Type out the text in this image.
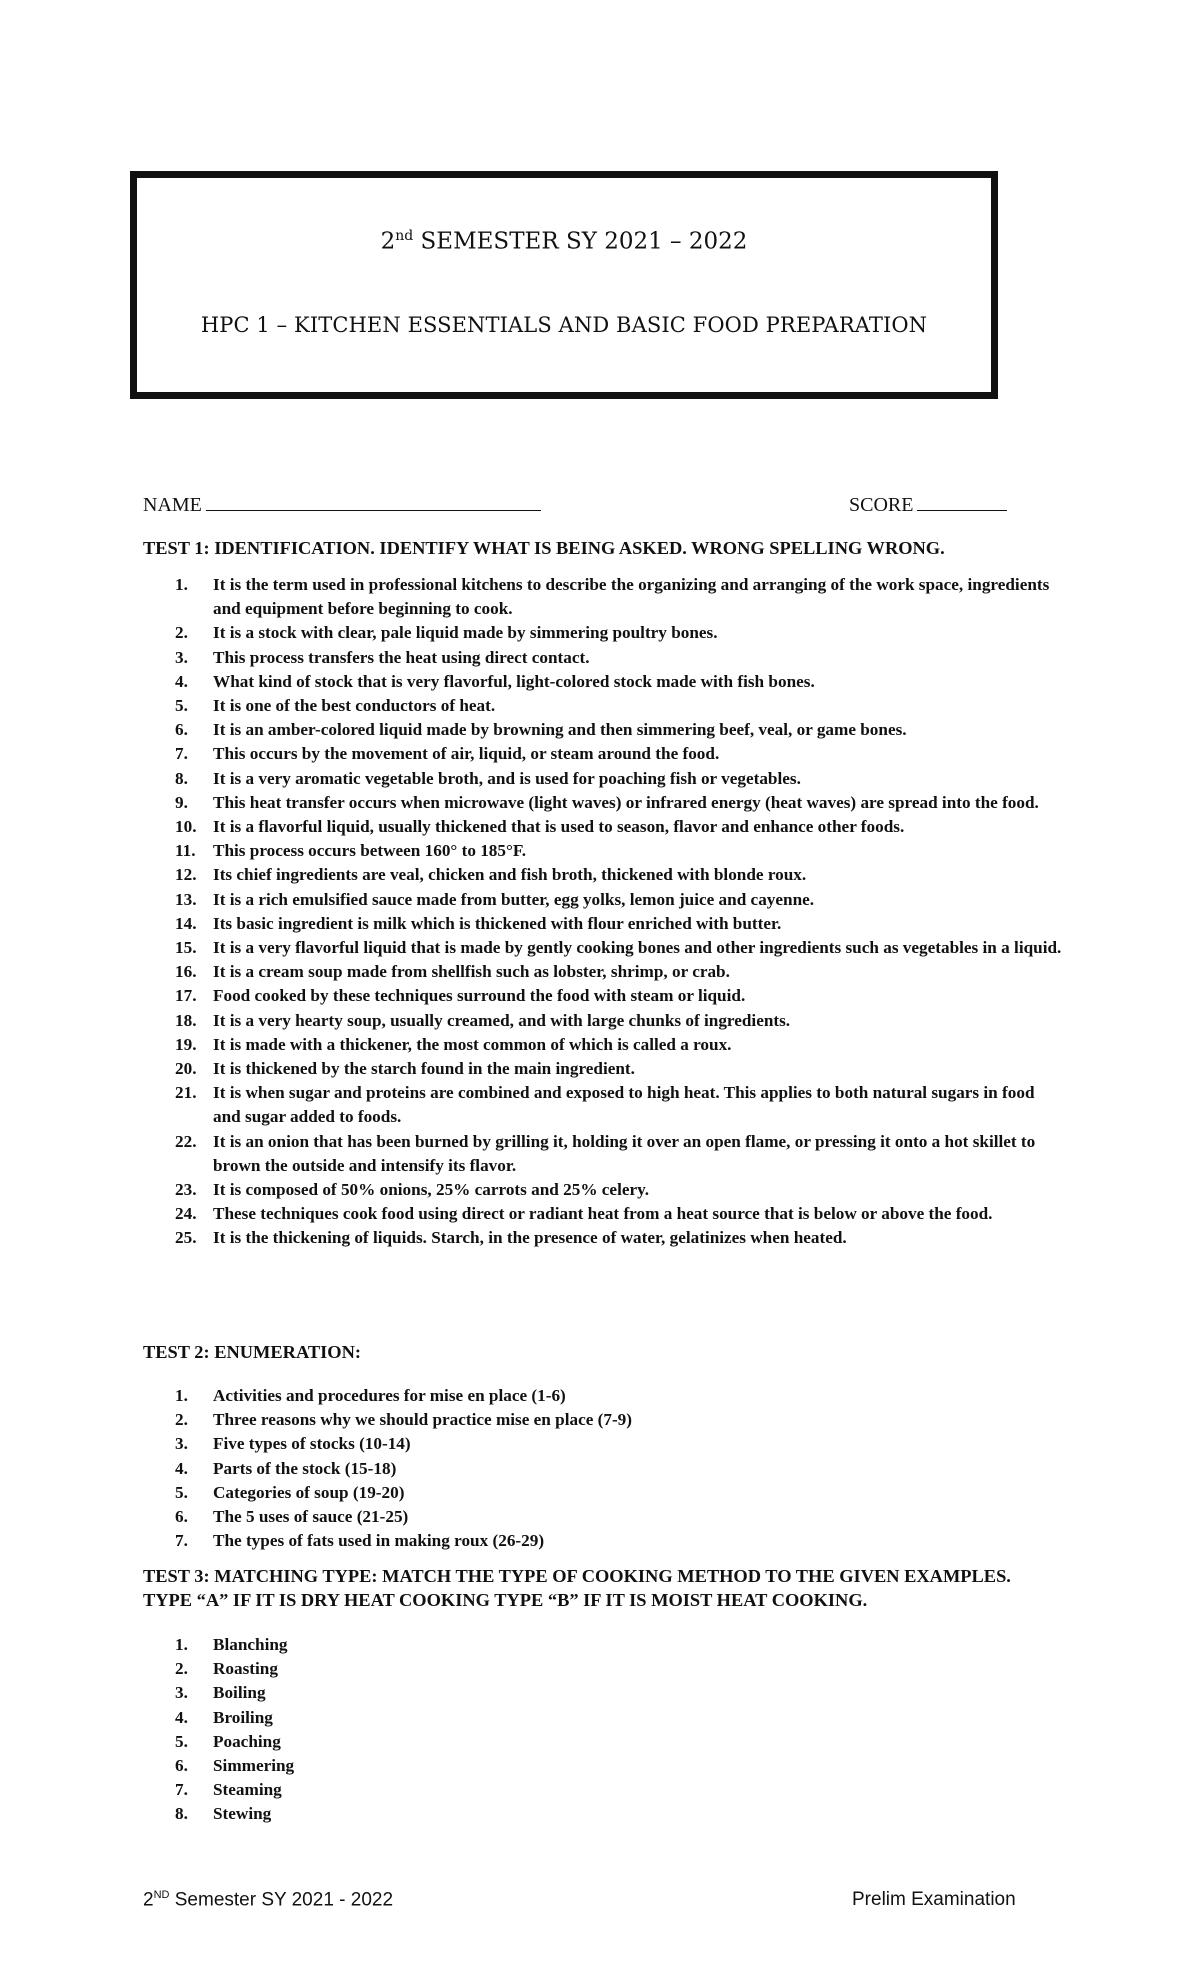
2nd SEMESTER SY 2021 – 2022
HPC 1 – KITCHEN ESSENTIALS AND BASIC FOOD PREPARATION
NAME	SCORE
TEST 1: IDENTIFICATION. IDENTIFY WHAT IS BEING ASKED. WRONG SPELLING WRONG.
1.	It is the term used in professional kitchens to describe the organizing and arranging of the work space, ingredients and equipment before beginning to cook.
2.	It is a stock with clear, pale liquid made by simmering poultry bones.
3.	This process transfers the heat using direct contact.
4.	What kind of stock that is very flavorful, light-colored stock made with fish bones.
5.	It is one of the best conductors of heat.
6.	It is an amber-colored liquid made by browning and then simmering beef, veal, or game bones.
7.	This occurs by the movement of air, liquid, or steam around the food.
8.	It is a very aromatic vegetable broth, and is used for poaching fish or vegetables.
9.	This heat transfer occurs when microwave (light waves) or infrared energy (heat waves) are spread into the food.
10. It is a flavorful liquid, usually thickened that is used to season, flavor and enhance other foods.
11.	This process occurs between 160° to 185°F.
12. Its chief ingredients are veal, chicken and fish broth, thickened with blonde roux.
13. It is a rich emulsified sauce made from butter, egg yolks, lemon juice and cayenne.
14. Its basic ingredient is milk which is thickened with flour enriched with butter.
15. It is a very flavorful liquid that is made by gently cooking bones and other ingredients such as vegetables in a liquid.
16. It is a cream soup made from shellfish such as lobster, shrimp, or crab.
17. Food cooked by these techniques surround the food with steam or liquid.
18. It is a very hearty soup, usually creamed, and with large chunks of ingredients.
19. It is made with a thickener, the most common of which is called a roux.
20. It is thickened by the starch found in the main ingredient.
21. It is when sugar and proteins are combined and exposed to high heat. This applies to both natural sugars in food and sugar added to foods.
22. It is an onion that has been burned by grilling it, holding it over an open flame, or pressing it onto a hot skillet to brown the outside and intensify its flavor.
23. It is composed of 50% onions, 25% carrots and 25% celery.
24. These techniques cook food using direct or radiant heat from a heat source that is below or above the food.
25. It is the thickening of liquids. Starch, in the presence of water, gelatinizes when heated.
TEST 2: ENUMERATION:
1.	Activities and procedures for mise en place (1-6)
2.	Three reasons why we should practice mise en place (7-9)
3.	Five types of stocks (10-14)
4.	Parts of the stock (15-18)
5.	Categories of soup (19-20)
6.	The 5 uses of sauce (21-25)
7.	The types of fats used in making roux (26-29)
TEST 3: MATCHING TYPE: MATCH THE TYPE OF COOKING METHOD TO THE GIVEN EXAMPLES. TYPE “A” IF IT IS DRY HEAT COOKING TYPE “B” IF IT IS MOIST HEAT COOKING.
1.	Blanching
2.	Roasting
3.	Boiling
4.	Broiling
5.	Poaching
6.	Simmering
7.	Steaming
8.	Stewing
2ND Semester SY 2021 - 2022	Prelim Examination
